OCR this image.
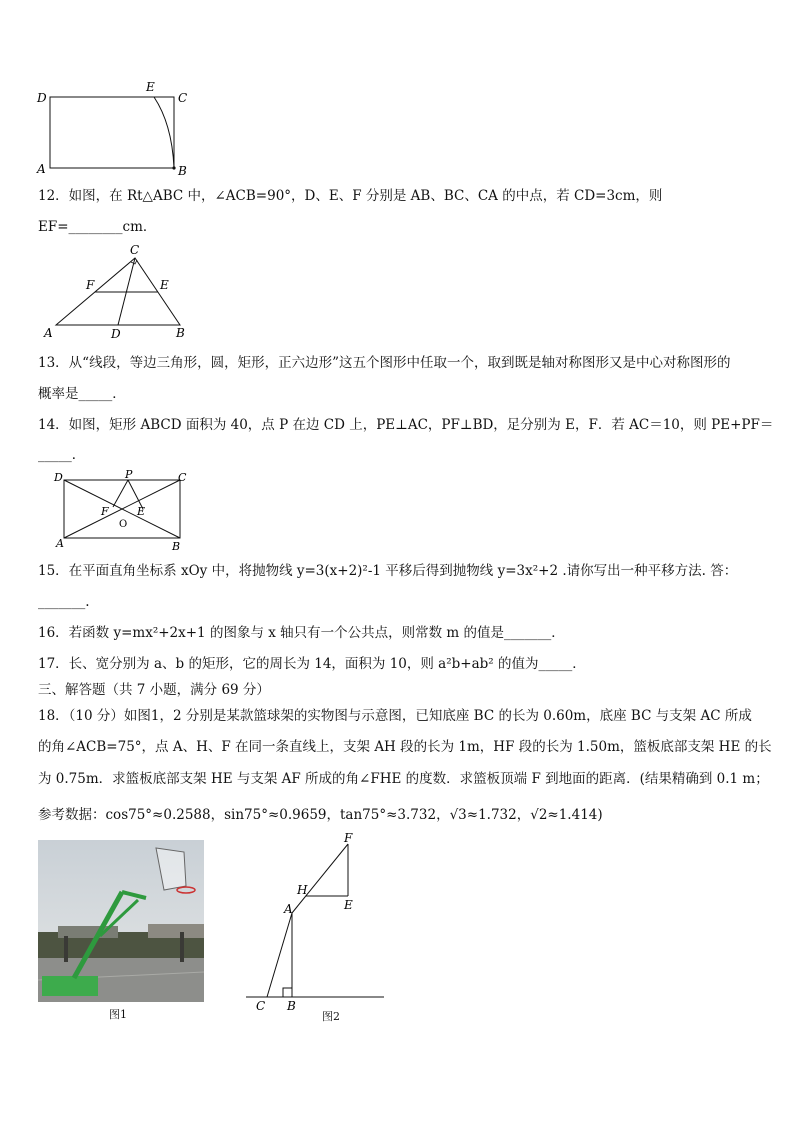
D
E
C
A	B
12．如图，在 Rt△ABC 中，∠ACB=90°，D、E、F 分别是 AB、BC、CA 的中点，若 CD=3cm，则
EF=________cm．
C
F	E
A	D	B
13．从“线段，等边三角形，圆，矩形，正六边形”这五个图形中任取一个，取到既是轴对称图形又是中心对称图形的
概率是_____．
14．如图，矩形 ABCD 面积为 40，点 P 在边 CD 上，PE⊥AC，PF⊥BD，足分别为 E，F．若 AC＝10，则 PE+PF＝
_____．
D	P	C
F	E
O
A	B
15．在平面直角坐标系 xOy 中，将抛物线 y=3(x+2)²-1 平移后得到抛物线 y=3x²+2 .请你写出一种平移方法. 答：
_______.
16．若函数 y=mx²+2x+1 的图象与 x 轴只有一个公共点，则常数 m 的值是_______．
17．长、宽分别为 a、b 的矩形，它的周长为 14，面积为 10，则 a²b+ab² 的值为_____．
三、解答题（共 7 小题，满分 69 分）
18．（10 分）如图1，2 分别是某款篮球架的实物图与示意图，已知底座 BC 的长为 0.60m，底座 BC 与支架 AC 所成
的角∠ACB=75°，点 A、H、F 在同一条直线上，支架 AH 段的长为 1m，HF 段的长为 1.50m，篮板底部支架 HE 的长
为 0.75m．求篮板底部支架 HE 与支架 AF 所成的角∠FHE 的度数．求篮板顶端 F 到地面的距离．(结果精确到 0.1 m；
参考数据：cos75°≈0.2588，sin75°≈0.9659，tan75°≈3.732，√3≈1.732，√2≈1.414)
图1
F
H
E
A
C B
图2
